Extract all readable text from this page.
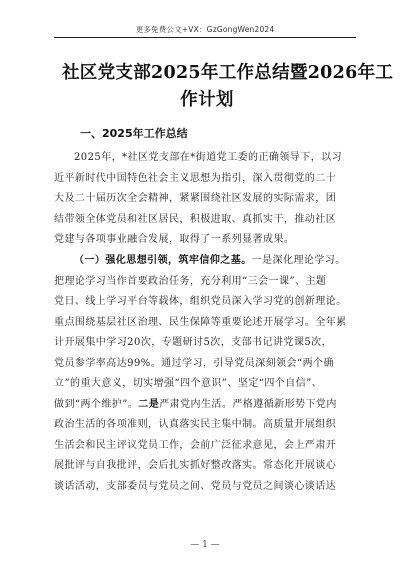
更多免费公文+VX：GzGongWen2024
社区党支部2025年工作总结暨2026年工
作计划
一、2025年工作总结
2025年，*社区党支部在*街道党工委的正确领导下，以习
近平新时代中国特色社会主义思想为指引，深入贯彻党的二十
大及二十届历次全会精神，紧紧围绕社区发展的实际需求，团
结带领全体党员和社区居民，积极进取、真抓实干，推动社区
党建与各项事业融合发展，取得了一系列显著成果。
（一）强化思想引领，筑牢信仰之基。一是深化理论学习。
把理论学习当作首要政治任务，充分利用“三会一课”、主题
党日、线上学习平台等载体，组织党员深入学习党的创新理论。
重点围绕基层社区治理、民生保障等重要论述开展学习。全年累
计开展集中学习20次，专题研讨5次，支部书记讲党课5次，
党员参学率高达99%。通过学习，引导党员深刻领会“两个确
立”的重大意义，切实增强“四个意识”、坚定“四个自信”、
做到“两个维护”。二是严肃党内生活。严格遵循新形势下党内
政治生活的各项准则，认真落实民主集中制。高质量开展组织
生活会和民主评议党员工作，会前广泛征求意见，会上严肃开
展批评与自我批评，会后扎实抓好整改落实。常态化开展谈心
谈话活动，支部委员与党员之间、党员与党员之间谈心谈话达
— 1 —
